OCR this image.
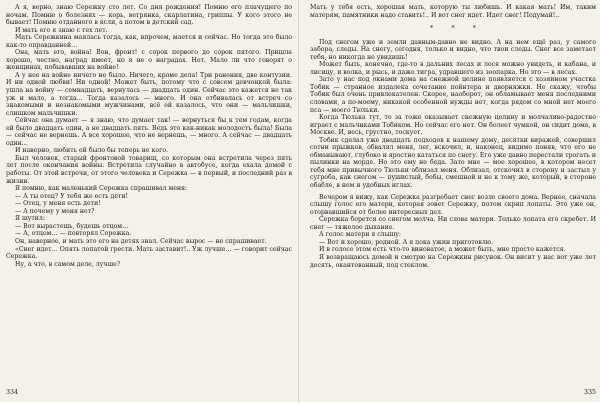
А я, верно, знаю Сережку сто лет. Со дня рождения! Помню его плачущего по ночам. Помню о болезнях — корь, ветрянка, скарлатина, гриппы. У кого этого не бывает! Помню отданного в ясли, а потом в детский сад.

И мать его я знаю с тех лет.

Мать Сережкина маялась тогда, как, впрочем, мается и сейчас. Но тогда это было как-то оправданней…

Она, мать его, война! Вон, фронт! с сорок первого до сорок пятого. Пришла хорошо, честно, наград имеет, но я не о наградах. Нет. Мало ли что говорят о женщинах, побывавших на войне!

А у нее на войне ничего не было. Ничего, кроме дела! Три ранения, две контузии. И ни одной любви! Ни одной! Может быть, потому что с совсем девчонкой была: ушла на войну — семнадцать, вернулась — двадцать один. Сейчас это кажется не так уж и мало, а тогда… Тогда казалось — много. И она отбивалась от встреч со знакомыми и незнакомыми мужчинами, всё ей казалось, что они — мальчишки, слишком мальчишки.

Сейчас она думает — я знаю, что думает так! — вернуться бы к тем годам, когда ей было двадцать один, а не двадцать пять. Ведь это как-никак молодость была! Была — сейчас не вернешь. А все хорошее, что не вернешь, — много. А сейчас — двадцать один…

И наверно, любить ей было бы теперь не кого.

Был человек, старый фронтовой товарищ, со которым она встретила через пять лет после окончания войны. Встретила случайно в автобусе, когда ехала домой с работы. От этой встречи, от этого человека и Сережка — в первый, и последний раз в жизни.

Я помню, как маленький Сережка спрашивал меня:

— А ты отец? У тебя же есть дети!

— Отец, у меня есть дети!

— А почему у меня нет?

Я шутил:

— Вот вырастешь, будешь отцом…

— А, отцом… — повторял Сережка.

Он, наверное, и мать это его на детях знал. Сейчас вырос — не спрашивает.

«Снег идет… Опять лопатой грести. Мать заставит!.. Уж лучше… — говорит сейчас Сережка.

Ну, а что, в самом деле, лучше?

334

Мать у тебя есть, хорошая мать, которую ты любишь. И какая мать! Им, таким матерям, памятники надо ставить!.. И вот снег идет. Идет снег! Подумай!..

* * *

Под снегом уже и земли давным-давно не видно. А на нем ещё раз, у самого забора, следы. На снегу, сегодня, только и видно, что твои следы. Снег все заметает тебя, но никогда не увидишь!

Может быть, конечно, где-то в дальних лесах и лося можно увидеть, и кабана, и лисицу, и волка, и рысь, и даже тигра, удравшего из зоопарка. Но это — в лесах.

Зато у нас под окнами дома на снежной целине появляется с хозяином участка Тобик — странное издалека сочетание пойнтера и дворняжки. Не скажу, чтобы Тобик был очень привлекателен. Скорее, наоборот, он обламывает меня последними словами, а по-моему, никакой особенной нужды нет, когда рядом со мной нет моего пса — моего Тюльки.

Когда Тюлька тут, то за тоже оказывает снежную целину и молчаливо-радостно играет с мальчиками Тобиком. Но сейчас его нет. Он болеет чумкой, он сидит дома, в Москве. И, весь, грустно, тоскует.

Тобик сделал уже двадцать подходов к нашему дому, десятки виражей, совершил сотни прыжков, обвалял меня, лег, вскочил, и, наконец, видимо поняв, что его не обманывают, глубоко и яростно кататься по снегу. Его уже давно перестали трогать и пылинки на морде. Но это ему не беда. Зато мне — мое хорошее, в котором несет тебя мне привычного Тюльки облизал меня. Облизал, отскочил в сторону и застыл у сугроба, как снегом — пушистый, бобы, смешной и не к тому же, который, в стороне обабле, в нем и удобных иглах.

Вечером я вижу, как Сережка разгребает снег возле своего дома. Вернее, сначала слышу голос его матери, которая зовет Сережку, потом скрип лопаты. Это уже он, оторвавшийся от более интересных дел.

Сережка борется со снегом молча. Ни слова матери. Только лопата его скребет. И снег — тяжелое дыхание.

А голос матери я слышу:

— Вот и хорошо, родной. А я пока ужин приготовлю.

И в голосе этом есть что-то виноватое, а может быть, мне просто кажется.

Я возвращаюсь домой и смотрю на Сережкин рисунок. Он висит у нас вот уже лет десять, окантованный, под стеклом.

335
